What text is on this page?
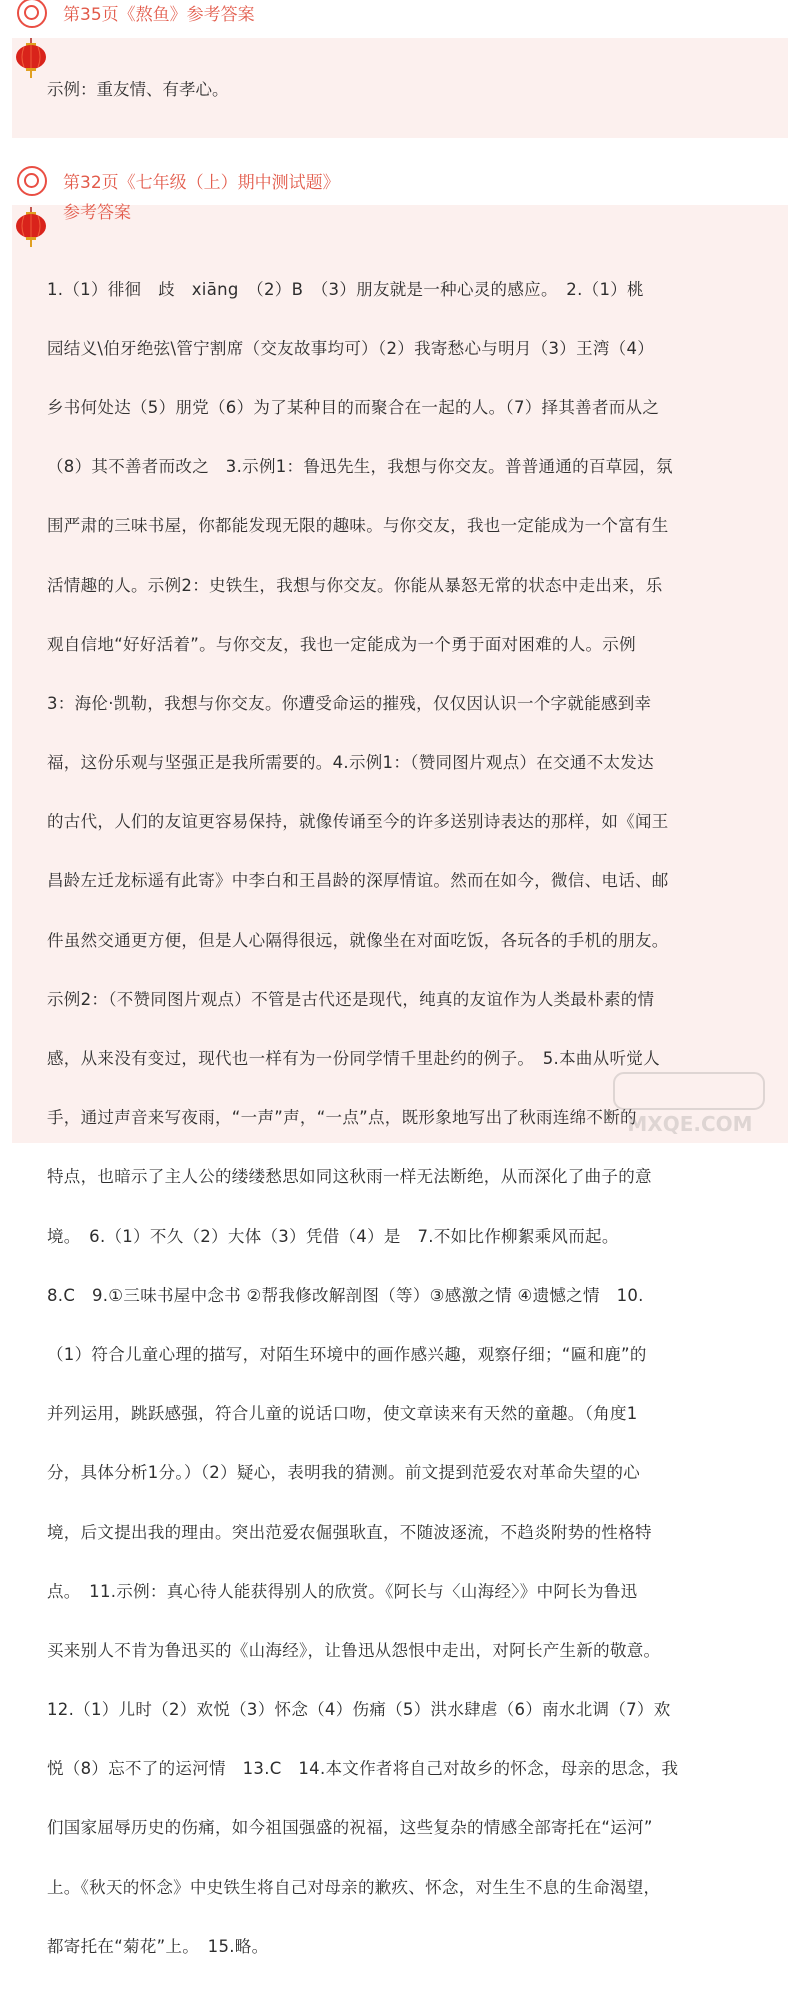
第35页《熬鱼》参考答案
示例：重友情、有孝心。
第32页《七年级（上）期中测试题》
参考答案

1.（1）徘徊　歧　xiāng　（2）B　（3）朋友就是一种心灵的感应。　2.（1）桃

园结义\伯牙绝弦\管宁割席（交友故事均可）（2）我寄愁心与明月（3）王湾（4）

乡书何处达（5）朋党（6）为了某种目的而聚合在一起的人。（7）择其善者而从之

（8）其不善者而改之　3.示例1：鲁迅先生，我想与你交友。普普通通的百草园，氛

围严肃的三味书屋，你都能发现无限的趣味。与你交友，我也一定能成为一个富有生

活情趣的人。示例2：史铁生，我想与你交友。你能从暴怒无常的状态中走出来，乐

观自信地“好好活着”。与你交友，我也一定能成为一个勇于面对困难的人。示例

3：海伦·凯勒，我想与你交友。你遭受命运的摧残，仅仅因认识一个字就能感到幸

福，这份乐观与坚强正是我所需要的。4.示例1：（赞同图片观点）在交通不太发达

的古代，人们的友谊更容易保持，就像传诵至今的许多送别诗表达的那样，如《闻王

昌龄左迁龙标遥有此寄》中李白和王昌龄的深厚情谊。然而在如今，微信、电话、邮

件虽然交通更方便，但是人心隔得很远，就像坐在对面吃饭，各玩各的手机的朋友。

示例2：（不赞同图片观点）不管是古代还是现代，纯真的友谊作为人类最朴素的情

感，从来没有变过，现代也一样有为一份同学情千里赴约的例子。　5.本曲从听觉人

手，通过声音来写夜雨，“一声”声，“一点”点，既形象地写出了秋雨连绵不断的

特点，也暗示了主人公的缕缕愁思如同这秋雨一样无法断绝，从而深化了曲子的意

境。　6.（1）不久（2）大体（3）凭借（4）是　7.不如比作柳絮乘风而起。

8.C　9.①三味书屋中念书 ②帮我修改解剖图（等）③感激之情 ④遗憾之情　10.

（1）符合儿童心理的描写，对陌生环境中的画作感兴趣，观察仔细；“匾和鹿”的

并列运用，跳跃感强，符合儿童的说话口吻，使文章读来有天然的童趣。（角度1

分，具体分析1分。）（2）疑心，表明我的猜测。前文提到范爱农对革命失望的心

境，后文提出我的理由。突出范爱农倔强耿直，不随波逐流，不趋炎附势的性格特

点。　11.示例：真心待人能获得别人的欣赏。《阿长与〈山海经〉》中阿长为鲁迅

买来别人不肯为鲁迅买的《山海经》，让鲁迅从怨恨中走出，对阿长产生新的敬意。

12.（1）儿时（2）欢悦（3）怀念（4）伤痛（5）洪水肆虐（6）南水北调（7）欢

悦（8）忘不了的运河情　13.C　14.本文作者将自己对故乡的怀念，母亲的思念，我

们国家屈辱历史的伤痛，如今祖国强盛的祝福，这些复杂的情感全部寄托在“运河”

上。《秋天的怀念》中史铁生将自己对母亲的歉疚、怀念，对生生不息的生命渴望，

都寄托在“菊花”上。　15.略。

MXQE.COM
